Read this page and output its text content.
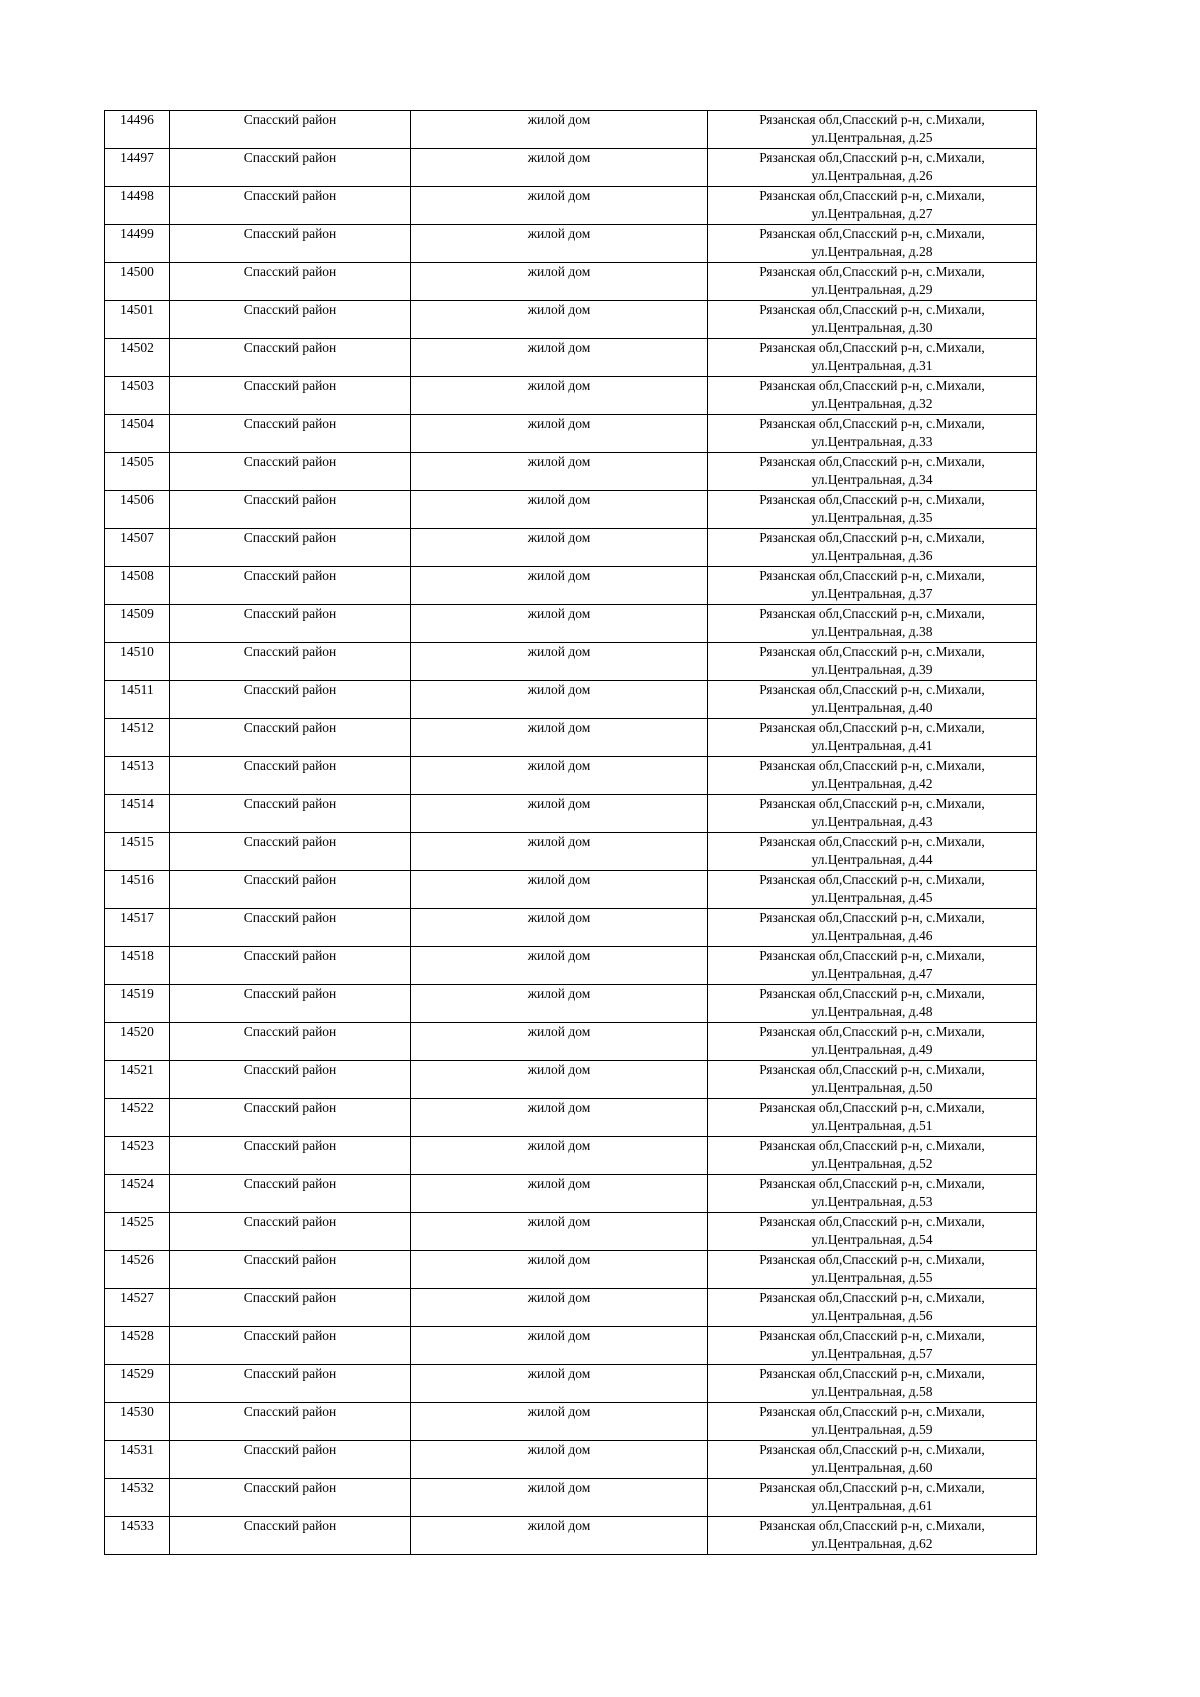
14496	Спасский район	жилой дом	Рязанская обл,Спасский р-н, с.Михали,
ул.Центральная, д.25

14497	Спасский район	жилой дом	Рязанская обл,Спасский р-н, с.Михали,
ул.Центральная, д.26

14498	Спасский район	жилой дом	Рязанская обл,Спасский р-н, с.Михали,
ул.Центральная, д.27

14499	Спасский район	жилой дом	Рязанская обл,Спасский р-н, с.Михали,
ул.Центральная, д.28

14500	Спасский район	жилой дом	Рязанская обл,Спасский р-н, с.Михали,
ул.Центральная, д.29

14501	Спасский район	жилой дом	Рязанская обл,Спасский р-н, с.Михали,
ул.Центральная, д.30

14502	Спасский район	жилой дом	Рязанская обл,Спасский р-н, с.Михали,
ул.Центральная, д.31

14503	Спасский район	жилой дом	Рязанская обл,Спасский р-н, с.Михали,
ул.Центральная, д.32

14504	Спасский район	жилой дом	Рязанская обл,Спасский р-н, с.Михали,
ул.Центральная, д.33

14505	Спасский район	жилой дом	Рязанская обл,Спасский р-н, с.Михали,
ул.Центральная, д.34

14506	Спасский район	жилой дом	Рязанская обл,Спасский р-н, с.Михали,
ул.Центральная, д.35

14507	Спасский район	жилой дом	Рязанская обл,Спасский р-н, с.Михали,
ул.Центральная, д.36

14508	Спасский район	жилой дом	Рязанская обл,Спасский р-н, с.Михали,
ул.Центральная, д.37

14509	Спасский район	жилой дом	Рязанская обл,Спасский р-н, с.Михали,
ул.Центральная, д.38

14510	Спасский район	жилой дом	Рязанская обл,Спасский р-н, с.Михали,
ул.Центральная, д.39

14511	Спасский район	жилой дом	Рязанская обл,Спасский р-н, с.Михали,
ул.Центральная, д.40

14512	Спасский район	жилой дом	Рязанская обл,Спасский р-н, с.Михали,
ул.Центральная, д.41

14513	Спасский район	жилой дом	Рязанская обл,Спасский р-н, с.Михали,
ул.Центральная, д.42

14514	Спасский район	жилой дом	Рязанская обл,Спасский р-н, с.Михали,
ул.Центральная, д.43

14515	Спасский район	жилой дом	Рязанская обл,Спасский р-н, с.Михали,
ул.Центральная, д.44

14516	Спасский район	жилой дом	Рязанская обл,Спасский р-н, с.Михали,
ул.Центральная, д.45

14517	Спасский район	жилой дом	Рязанская обл,Спасский р-н, с.Михали,
ул.Центральная, д.46

14518	Спасский район	жилой дом	Рязанская обл,Спасский р-н, с.Михали,
ул.Центральная, д.47

14519	Спасский район	жилой дом	Рязанская обл,Спасский р-н, с.Михали,
ул.Центральная, д.48

14520	Спасский район	жилой дом	Рязанская обл,Спасский р-н, с.Михали,
ул.Центральная, д.49

14521	Спасский район	жилой дом	Рязанская обл,Спасский р-н, с.Михали,
ул.Центральная, д.50

14522	Спасский район	жилой дом	Рязанская обл,Спасский р-н, с.Михали,
ул.Центральная, д.51

14523	Спасский район	жилой дом	Рязанская обл,Спасский р-н, с.Михали,
ул.Центральная, д.52

14524	Спасский район	жилой дом	Рязанская обл,Спасский р-н, с.Михали,
ул.Центральная, д.53

14525	Спасский район	жилой дом	Рязанская обл,Спасский р-н, с.Михали,
ул.Центральная, д.54

14526	Спасский район	жилой дом	Рязанская обл,Спасский р-н, с.Михали,
ул.Центральная, д.55

14527	Спасский район	жилой дом	Рязанская обл,Спасский р-н, с.Михали,
ул.Центральная, д.56

14528	Спасский район	жилой дом	Рязанская обл,Спасский р-н, с.Михали,
ул.Центральная, д.57

14529	Спасский район	жилой дом	Рязанская обл,Спасский р-н, с.Михали,
ул.Центральная, д.58

14530	Спасский район	жилой дом	Рязанская обл,Спасский р-н, с.Михали,
ул.Центральная, д.59

14531	Спасский район	жилой дом	Рязанская обл,Спасский р-н, с.Михали,
ул.Центральная, д.60

14532	Спасский район	жилой дом	Рязанская обл,Спасский р-н, с.Михали,
ул.Центральная, д.61

14533	Спасский район	жилой дом	Рязанская обл,Спасский р-н, с.Михали,
ул.Центральная, д.62
